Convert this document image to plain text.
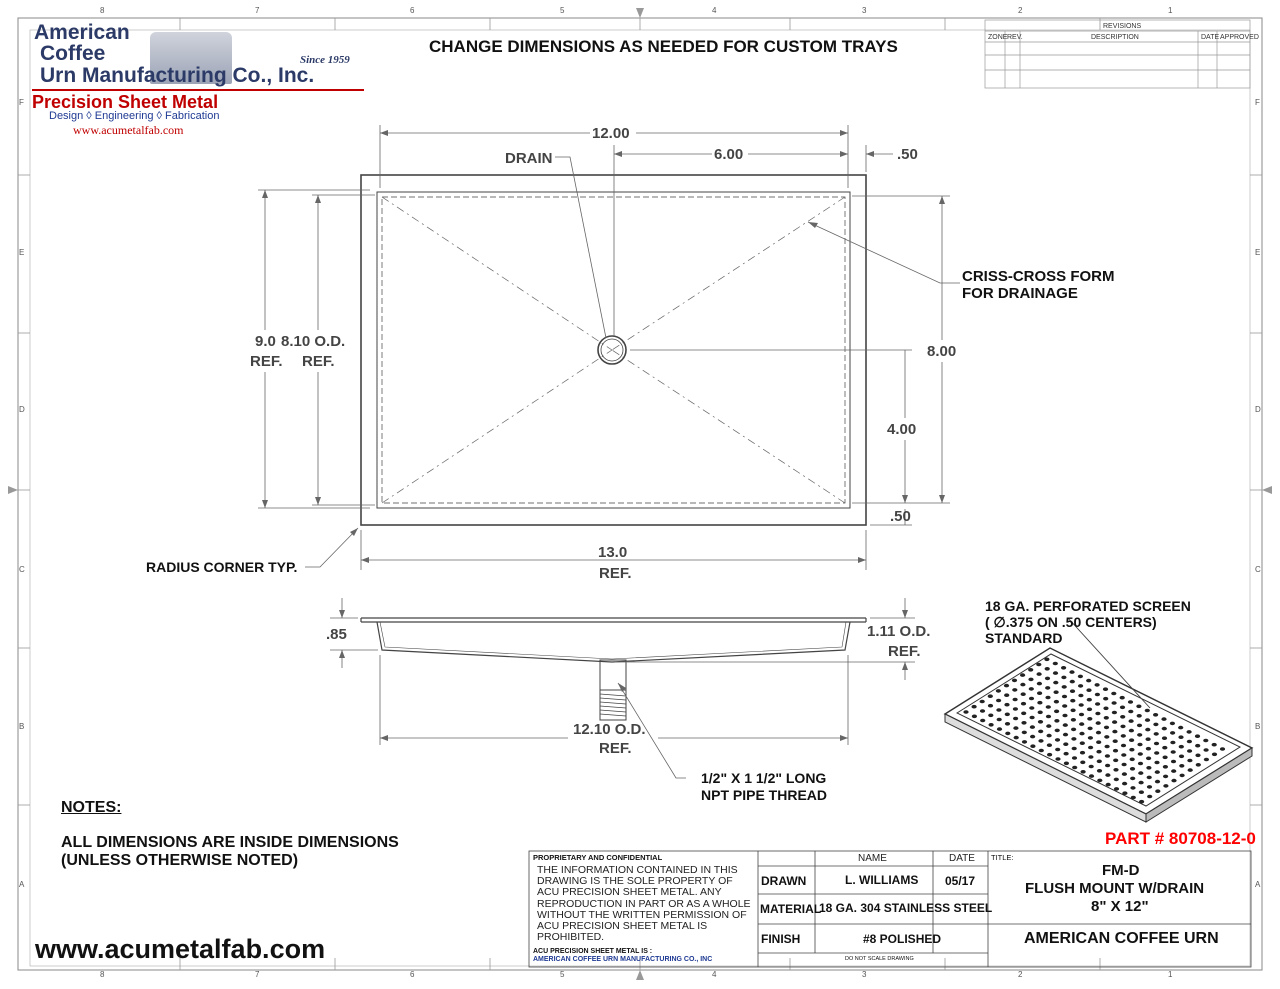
8	7	6	5	4	3	2	1
8	7	6	5	4	3	2	1
F
E
D
C
B
A
F
E
D
C
B
A
American
Coffee
Urn Manufacturing Co., Inc.
Since 1959
Precision Sheet Metal
Design ◊ Engineering ◊ Fabrication
www.acumetalfab.com
CHANGE DIMENSIONS AS NEEDED FOR CUSTOM TRAYS
REVISIONS
ZONE REV.	DESCRIPTION	DATE APPROVED
12.00
6.00	.50
DRAIN
CRISS-CROSS FORM
FOR DRAINAGE
9.0
REF.
8.10 O.D.
REF.
8.00
4.00
.50
13.0
REF.
RADIUS CORNER TYP.
.85	1.11 O.D.
REF.
12.10 O.D.
REF.
1/2" X 1 1/2" LONG
NPT PIPE THREAD
18 GA. PERFORATED SCREEN
( ∅.375 ON .50 CENTERS)
STANDARD
NOTES:
ALL DIMENSIONS ARE INSIDE DIMENSIONS
(UNLESS OTHERWISE NOTED)
www.acumetalfab.com
PART # 80708-12-0
PROPRIETARY AND CONFIDENTIAL
THE INFORMATION CONTAINED IN THIS
DRAWING IS THE SOLE PROPERTY OF
ACU PRECISION SHEET METAL. ANY
REPRODUCTION IN PART OR AS A WHOLE
WITHOUT THE WRITTEN PERMISSION OF
ACU PRECISION SHEET METAL IS
PROHIBITED.
ACU PRECISION SHEET METAL IS :
AMERICAN COFFEE URN MANUFACTURING CO., INC
NAME	DATE TITLE:
DRAWN	L. WILLIAMS 05/17
MATERIAL
18 GA. 304 STAINLESS STEEL
FINISH	#8 POLISHED
DO NOT SCALE DRAWING
FM-D
FLUSH MOUNT W/DRAIN
8" X 12"
AMERICAN COFFEE URN
